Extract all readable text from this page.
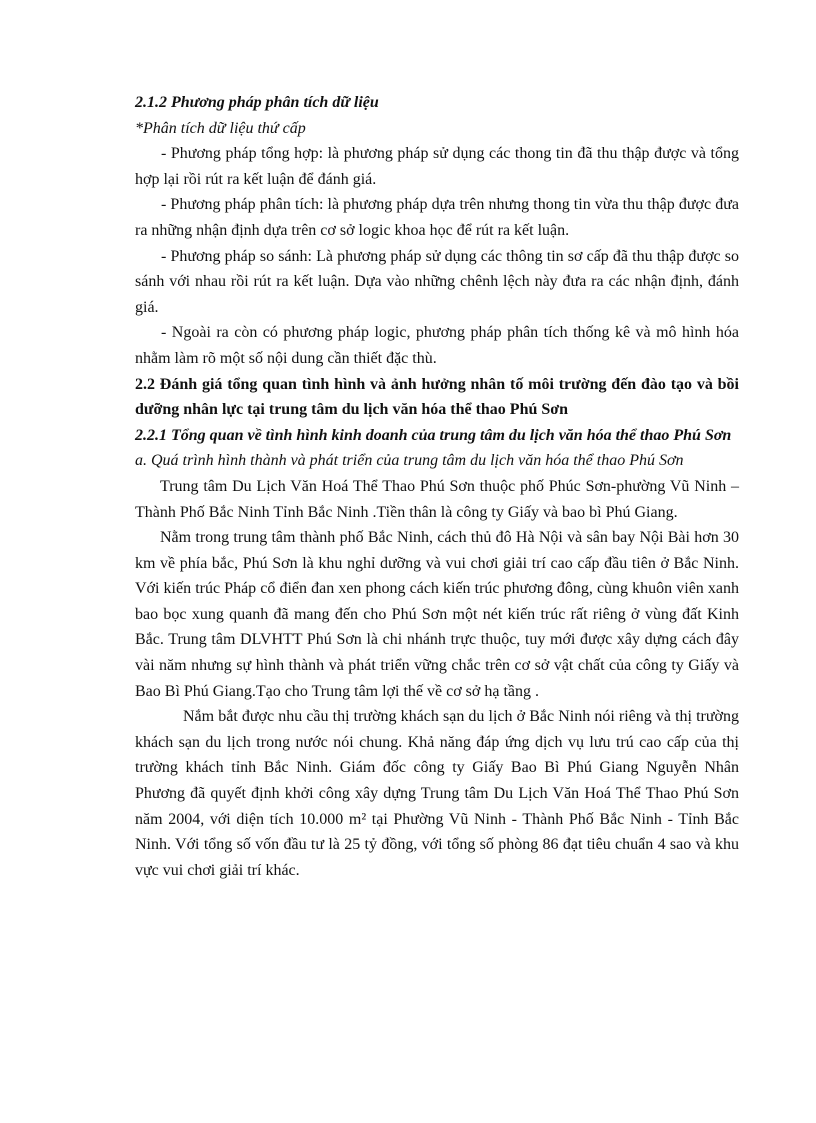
2.1.2 Phương pháp phân tích dữ liệu

*Phân tích dữ liệu thứ cấp

- Phương pháp tổng hợp: là phương pháp sử dụng các thong tin đã thu thập được và tổng hợp lại rồi rút ra kết luận để đánh giá.

- Phương pháp phân tích: là phương pháp dựa trên nhưng thong tin vừa thu thập được đưa ra những nhận định dựa trên cơ sở logic khoa học để rút ra kết luận.

- Phương pháp so sánh: Là phương pháp sử dụng các thông tin sơ cấp đã thu thập được so sánh với nhau rồi rút ra kết luận. Dựa vào những chênh lệch này đưa ra các nhận định, đánh giá.

- Ngoài ra còn có phương pháp logic, phương pháp phân tích thống kê và mô hình hóa nhằm làm rõ một số nội dung cần thiết đặc thù.

2.2 Đánh giá tổng quan tình hình và ảnh hưởng nhân tố môi trường đến đào tạo và bồi dưỡng nhân lực tại trung tâm du lịch văn hóa thể thao Phú Sơn

2.2.1 Tổng quan về tình hình kinh doanh của trung tâm du lịch văn hóa thể thao Phú Sơn

a. Quá trình hình thành và phát triển của trung tâm du lịch văn hóa thể thao Phú Sơn

Trung tâm Du Lịch Văn Hoá Thể Thao Phú Sơn thuộc phố Phúc Sơn-phường Vũ Ninh –Thành Phố Bắc Ninh Tỉnh Bắc Ninh .Tiền thân là công ty Giấy và bao bì Phú Giang.

Nằm trong trung tâm thành phố Bắc Ninh, cách thủ đô Hà Nội và sân bay Nội Bài hơn 30 km về phía bắc, Phú Sơn là khu nghỉ dưỡng và vui chơi giải trí cao cấp đầu tiên ở Bắc Ninh. Với kiến trúc Pháp cổ điển đan xen phong cách kiến trúc phương đông, cùng khuôn viên xanh bao bọc xung quanh đã mang đến cho Phú Sơn một nét kiến trúc rất riêng ở vùng đất Kinh Bắc. Trung tâm DLVHTT Phú Sơn là chi nhánh trực thuộc, tuy mới được xây dựng cách đây vài năm nhưng sự hình thành và phát triển vững chắc trên cơ sở vật chất của công ty Giấy và Bao Bì Phú Giang.Tạo cho Trung tâm lợi thế về cơ sở hạ tầng .

Nắm bắt được nhu cầu thị trường khách sạn du lịch ở Bắc Ninh nói riêng và thị trường khách sạn du lịch trong nước nói chung. Khả năng đáp ứng dịch vụ lưu trú cao cấp của thị trường khách tỉnh Bắc Ninh. Giám đốc công ty Giấy Bao Bì Phú Giang Nguyễn Nhân Phương đã quyết định khởi công xây dựng Trung tâm Du Lịch Văn Hoá Thể Thao Phú Sơn năm 2004, với diện tích 10.000 m² tại Phường Vũ Ninh - Thành Phố Bắc Ninh - Tỉnh Bắc Ninh. Với tổng số vốn đầu tư là 25 tỷ đồng, với tổng số phòng 86 đạt tiêu chuẩn 4 sao và khu vực vui chơi giải trí khác.
